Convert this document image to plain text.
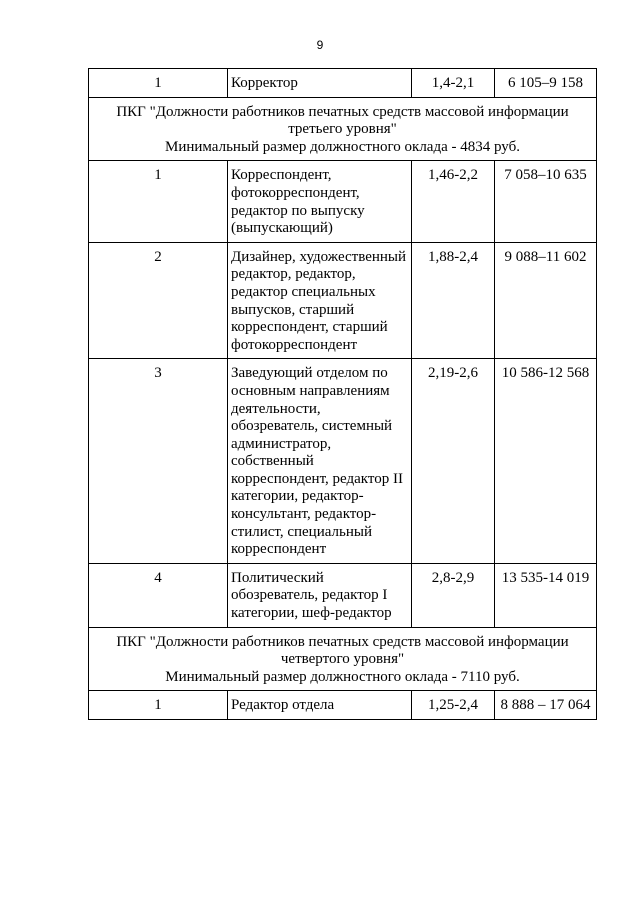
9
1	Корректор	1,4-2,1	6 105–9 158

ПКГ "Должности работников печатных средств массовой информации третьего уровня"
Минимальный размер должностного оклада - 4834 руб.			

1	Корреспондент, фотокорреспондент, редактор по выпуску (выпускающий)	1,46-2,2	7 058–10 635
2	Дизайнер, художественный редактор, редактор, редактор специальных выпусков, старший корреспондент, старший фотокорреспондент	1,88-2,4	9 088–11 602
3	Заведующий отделом по основным направлениям деятельности, обозреватель, системный администратор, собственный корреспондент, редактор II категории, редактор-консультант, редактор-стилист, специальный корреспондент	2,19-2,6	10 586-12 568
4	Политический обозреватель, редактор I категории, шеф-редактор	2,8-2,9	13 535-14 019

ПКГ "Должности работников печатных средств массовой информации четвертого уровня"
Минимальный размер должностного оклада - 7110 руб.			

1	Редактор отдела	1,25-2,4	8 888 – 17 064
